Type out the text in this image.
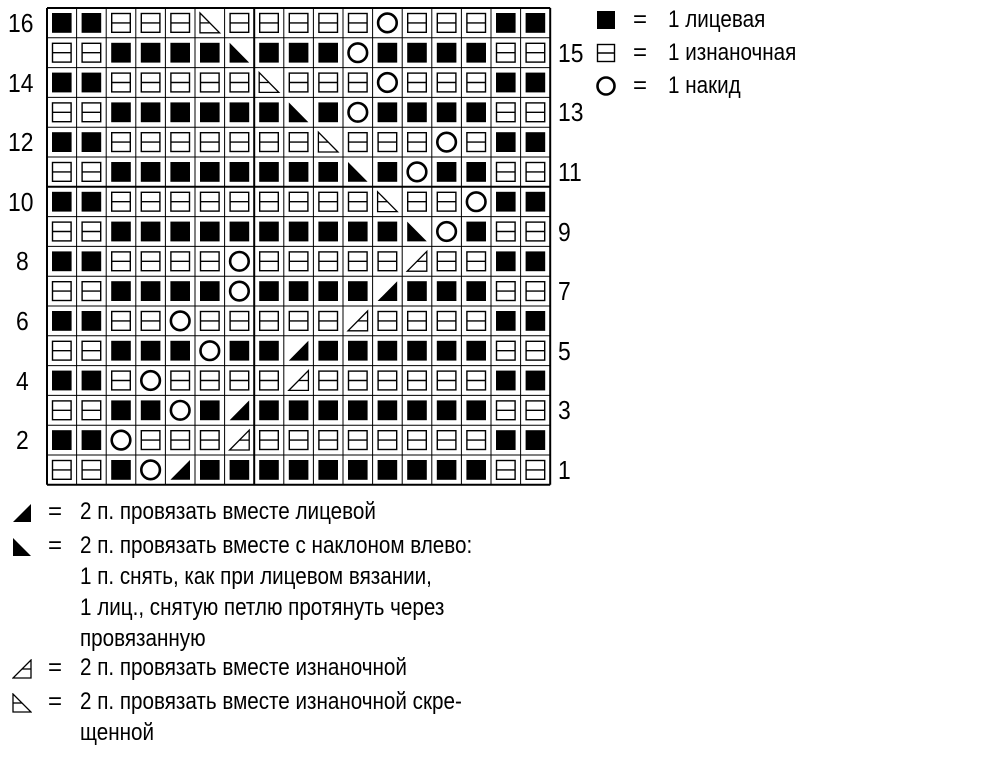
16
15
14
13
12
11
10
9
8
7
6
5
4
3
2
1
= 1 лицевая
= 1 изнаночная
= 1 накид
= 2 п. провязать вместе лицевой
= 2 п. провязать вместе с наклоном влево:
1 п. снять, как при лицевом вязании,
1 лиц., снятую петлю протянуть через
провязанную
= 2 п. провязать вместе изнаночной
= 2 п. провязать вместе изнаночной скре-
щенной
